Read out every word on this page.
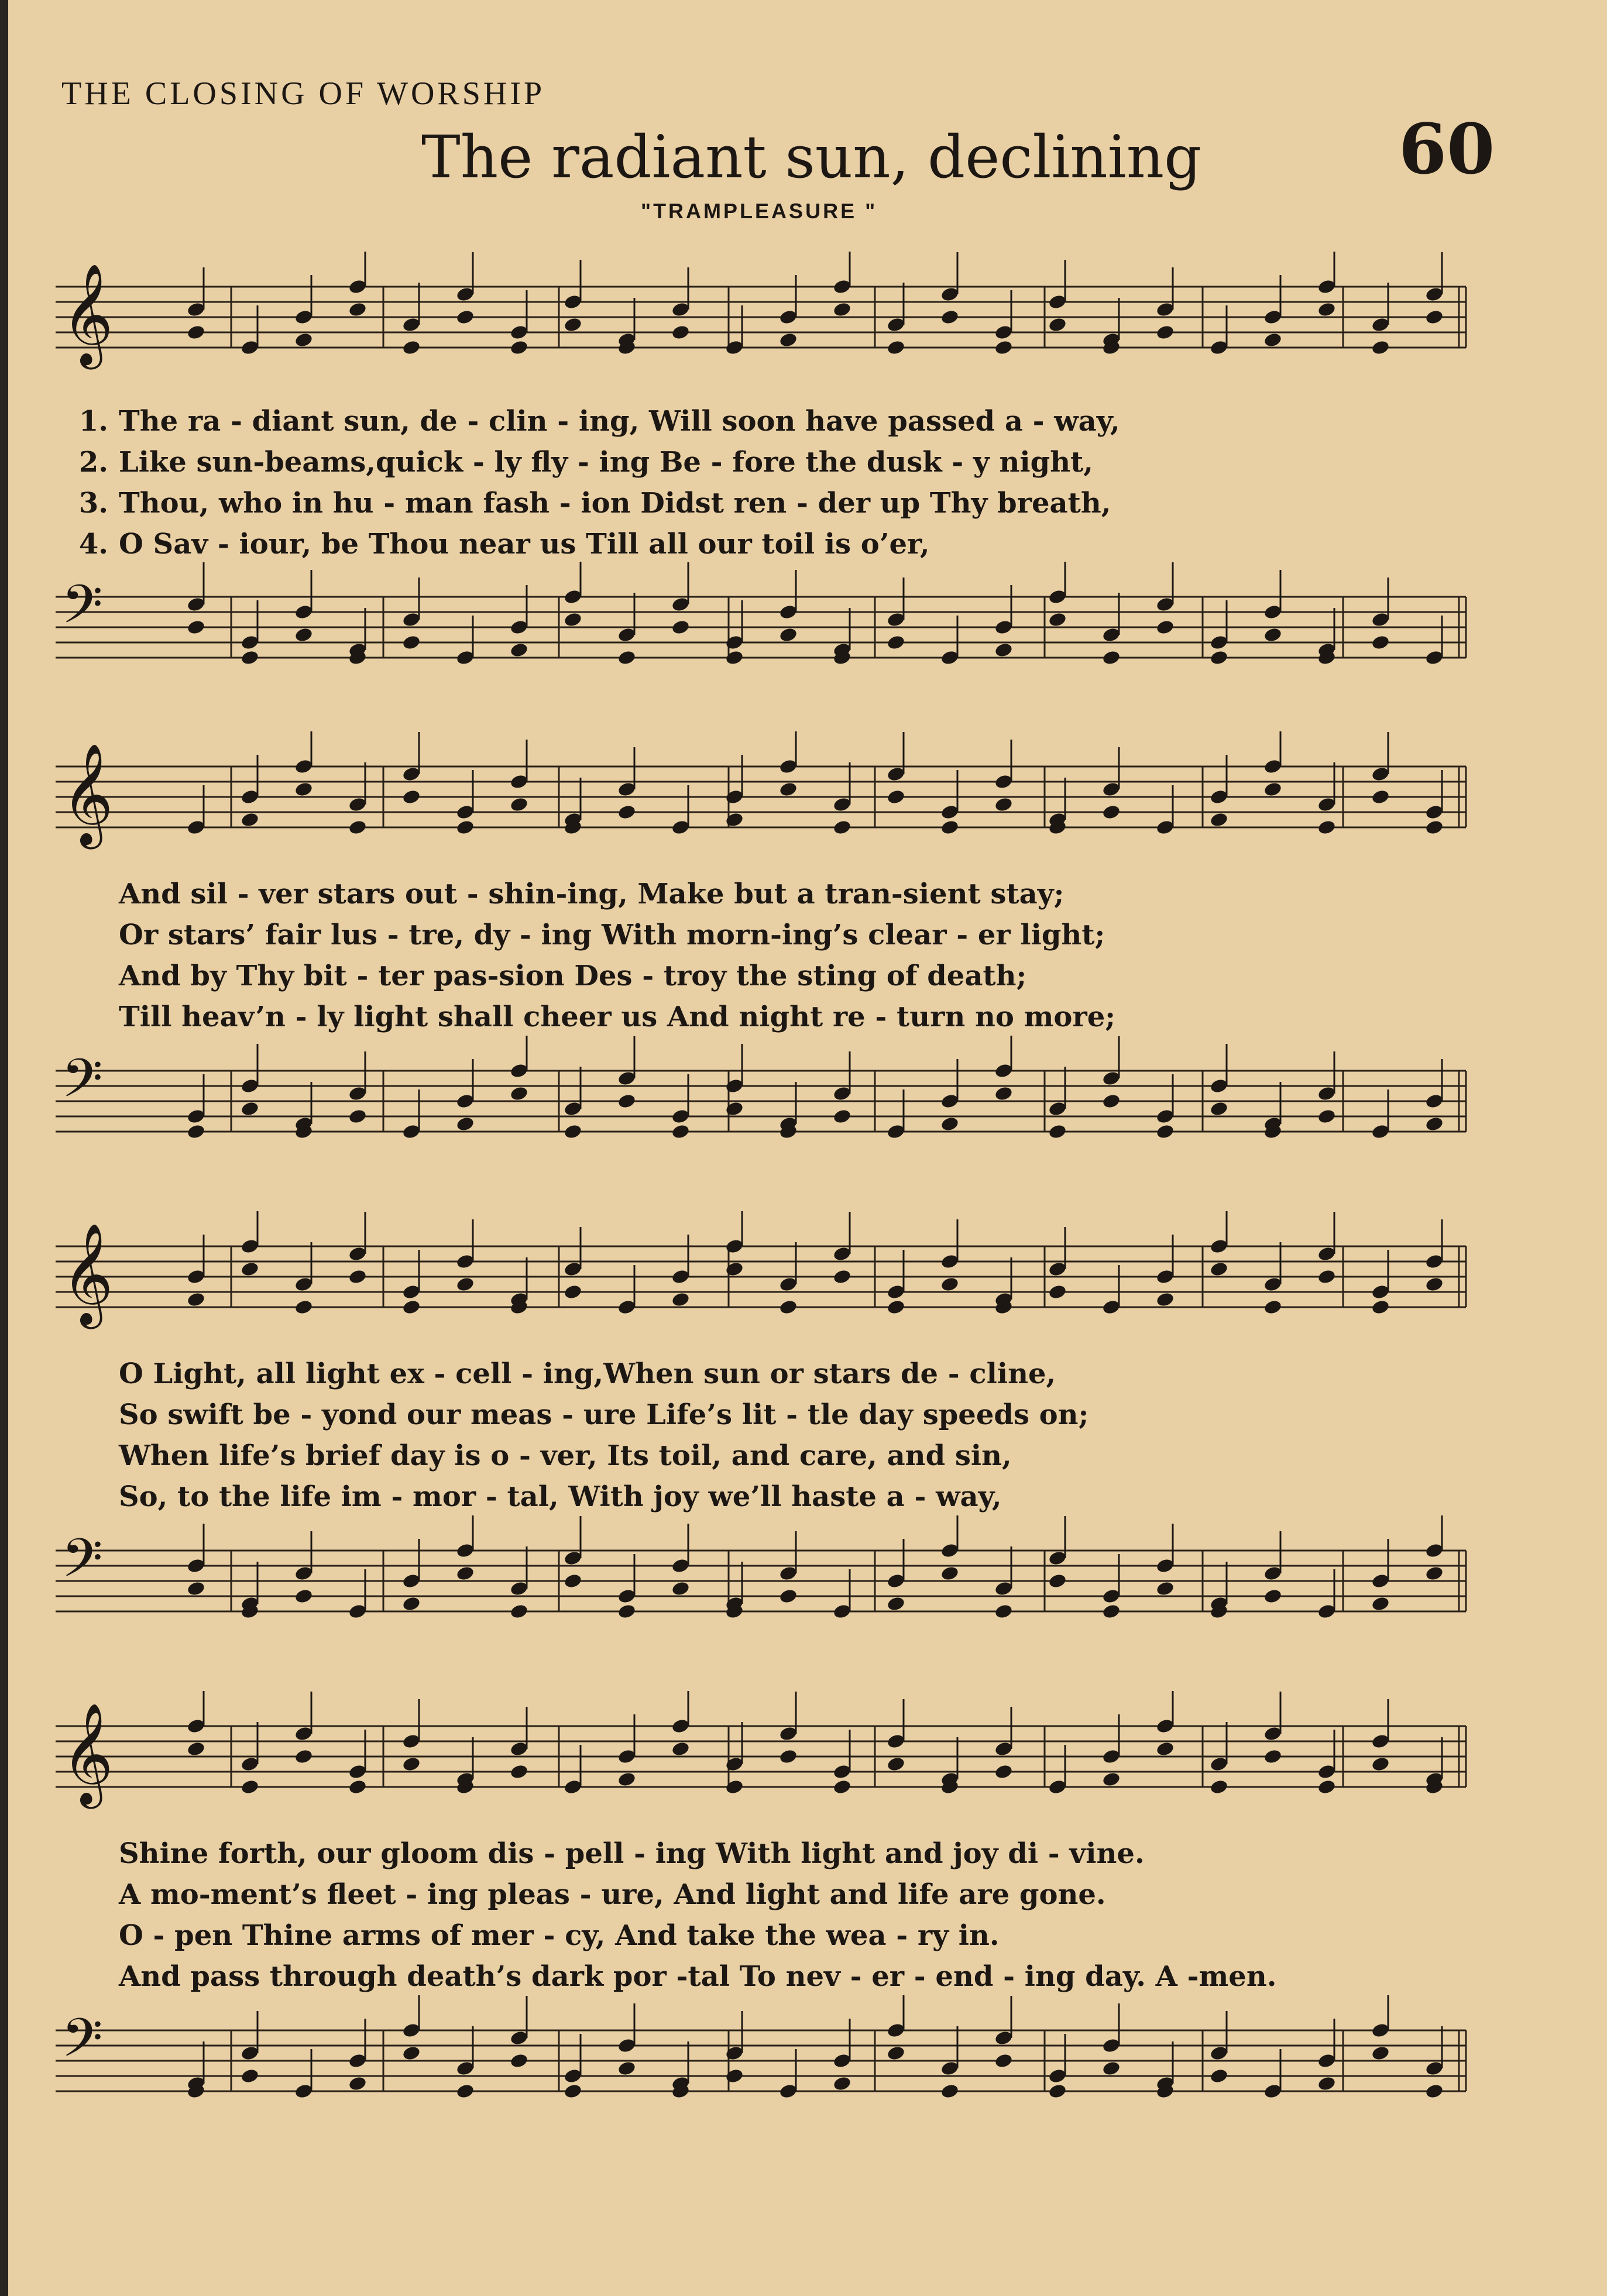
THE CLOSING OF WORSHIP
The radiant sun, declining	60
"TRAMPLEASURE "
𝄞
1. The ra - diant sun, de - clin - ing, Will soon have passed a - way,
2. Like sun-beams,quick - ly fly - ing Be - fore the dusk - y night,
3. Thou, who in hu - man fash - ion Didst ren - der up Thy breath,
4. O Sav - iour, be Thou near us Till all our toil is o’er,
𝄢
𝄞
And sil - ver stars out - shin-ing, Make but a tran-sient stay;
Or stars’ fair lus - tre, dy - ing With morn-ing’s clear - er light;
And by Thy bit - ter pas-sion Des - troy the sting of death;
Till heav’n - ly light shall cheer us And night re - turn no more;
𝄢
𝄞
O Light, all light ex - cell - ing,When sun or stars de - cline,
So swift be - yond our meas - ure Life’s lit - tle day speeds on;
When life’s brief day is o - ver, Its toil, and care, and sin,
So, to the life im - mor - tal, With joy we’ll haste a - way,
𝄢
𝄞
Shine forth, our gloom dis - pell - ing With light and joy di - vine.
A mo-ment’s fleet - ing pleas - ure, And light and life are gone.
O - pen Thine arms of mer - cy, And take the wea - ry in.
And pass through death’s dark por -tal To nev - er - end - ing day. A -men.
𝄢
